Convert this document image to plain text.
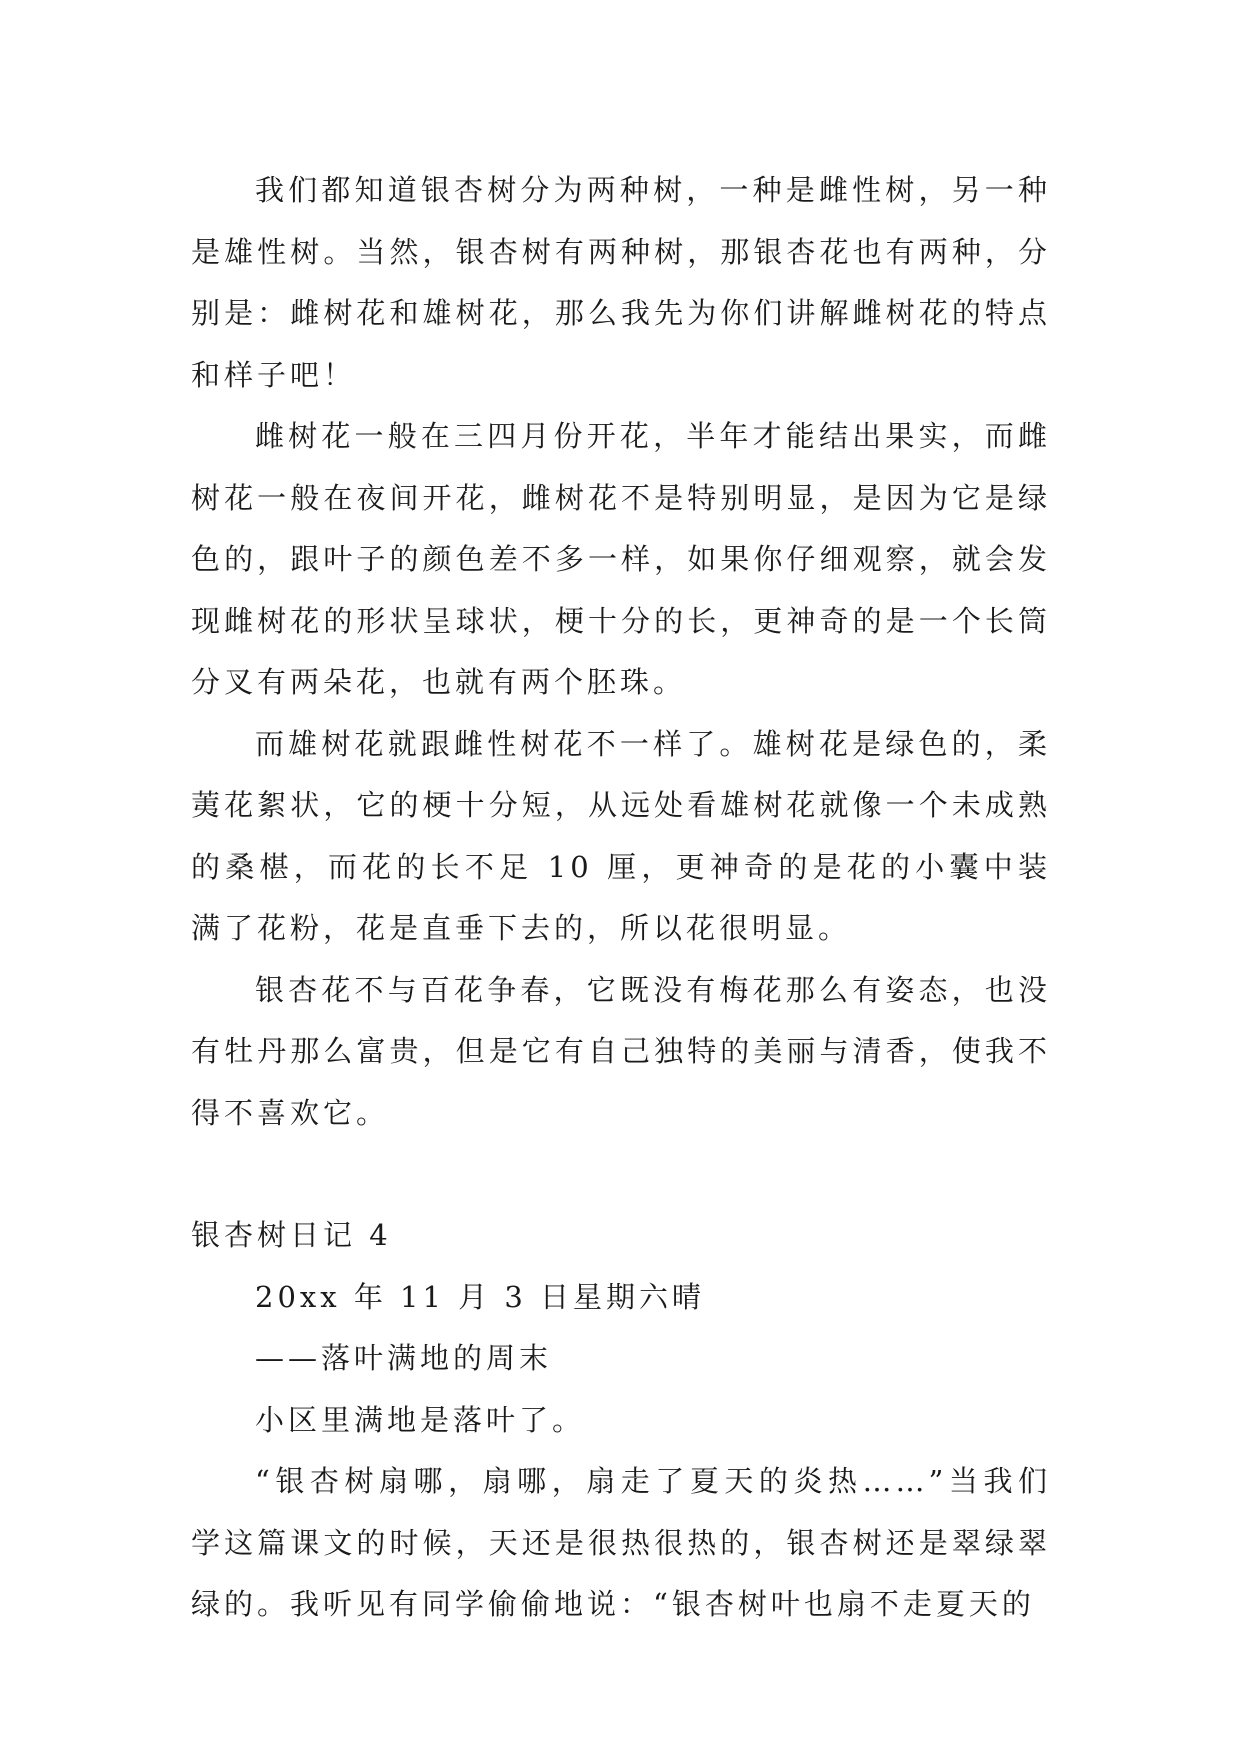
我们都知道银杏树分为两种树，一种是雌性树，另一种是雄性树。当然，银杏树有两种树，那银杏花也有两种，分别是：雌树花和雄树花，那么我先为你们讲解雌树花的特点和样子吧！

雌树花一般在三四月份开花，半年才能结出果实，而雌树花一般在夜间开花，雌树花不是特别明显，是因为它是绿色的，跟叶子的颜色差不多一样，如果你仔细观察，就会发现雌树花的形状呈球状，梗十分的长，更神奇的是一个长筒分叉有两朵花，也就有两个胚珠。

而雄树花就跟雌性树花不一样了。雄树花是绿色的，柔荑花絮状，它的梗十分短，从远处看雄树花就像一个未成熟的桑椹，而花的长不足 10 厘，更神奇的是花的小囊中装满了花粉，花是直垂下去的，所以花很明显。

银杏花不与百花争春，它既没有梅花那么有姿态，也没有牡丹那么富贵，但是它有自己独特的美丽与清香，使我不得不喜欢它。

银杏树日记 4

20xx 年 11 月 3 日星期六晴

——落叶满地的周末

小区里满地是落叶了。

“银杏树扇哪，扇哪，扇走了夏天的炎热……”当我们学这篇课文的时候，天还是很热很热的，银杏树还是翠绿翠绿的。我听见有同学偷偷地说：“银杏树叶也扇不走夏天的
